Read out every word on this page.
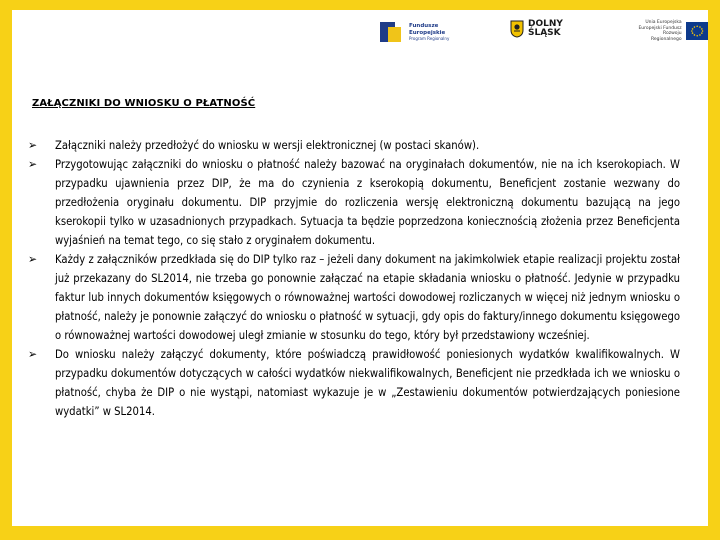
Fundusze
Europejskie
Program Regionalny
DOLNY
ŚLĄSK
Unia Europejska
Europejski Fundusz
Rozwoju Regionalnego
ZAŁĄCZNIKI DO WNIOSKU O PŁATNOŚĆ
➢	Załączniki należy przedłożyć do wniosku w wersji elektronicznej (w postaci skanów).
➢	Przygotowując załączniki do wniosku o płatność należy bazować na oryginałach dokumentów, nie na ich kserokopiach. W przypadku ujawnienia przez DIP, że ma do czynienia z kserokopią dokumentu, Beneficjent zostanie wezwany do przedłożenia oryginału dokumentu. DIP przyjmie do rozliczenia wersję elektroniczną dokumentu bazującą na jego kserokopii tylko w uzasadnionych przypadkach. Sytuacja ta będzie poprzedzona koniecznością złożenia przez Beneficjenta wyjaśnień na temat tego, co się stało z oryginałem dokumentu.
➢	Każdy z załączników przedkłada się do DIP tylko raz – jeżeli dany dokument na jakimkolwiek etapie realizacji projektu został już przekazany do SL2014, nie trzeba go ponownie załączać na etapie składania wniosku o płatność. Jedynie w przypadku faktur lub innych dokumentów księgowych o równoważnej wartości dowodowej rozliczanych w więcej niż jednym wniosku o płatność, należy je ponownie załączyć do wniosku o płatność w sytuacji, gdy opis do faktury/innego dokumentu księgowego o równoważnej wartości dowodowej uległ zmianie w stosunku do tego, który był przedstawiony wcześniej.
➢	Do wniosku należy załączyć dokumenty, które poświadczą prawidłowość poniesionych wydatków kwalifikowalnych. W przypadku dokumentów dotyczących w całości wydatków niekwalifikowalnych, Beneficjent nie przedkłada ich we wniosku o płatność, chyba że DIP o nie wystąpi, natomiast wykazuje je w „Zestawieniu dokumentów potwierdzających poniesione wydatki” w SL2014.
